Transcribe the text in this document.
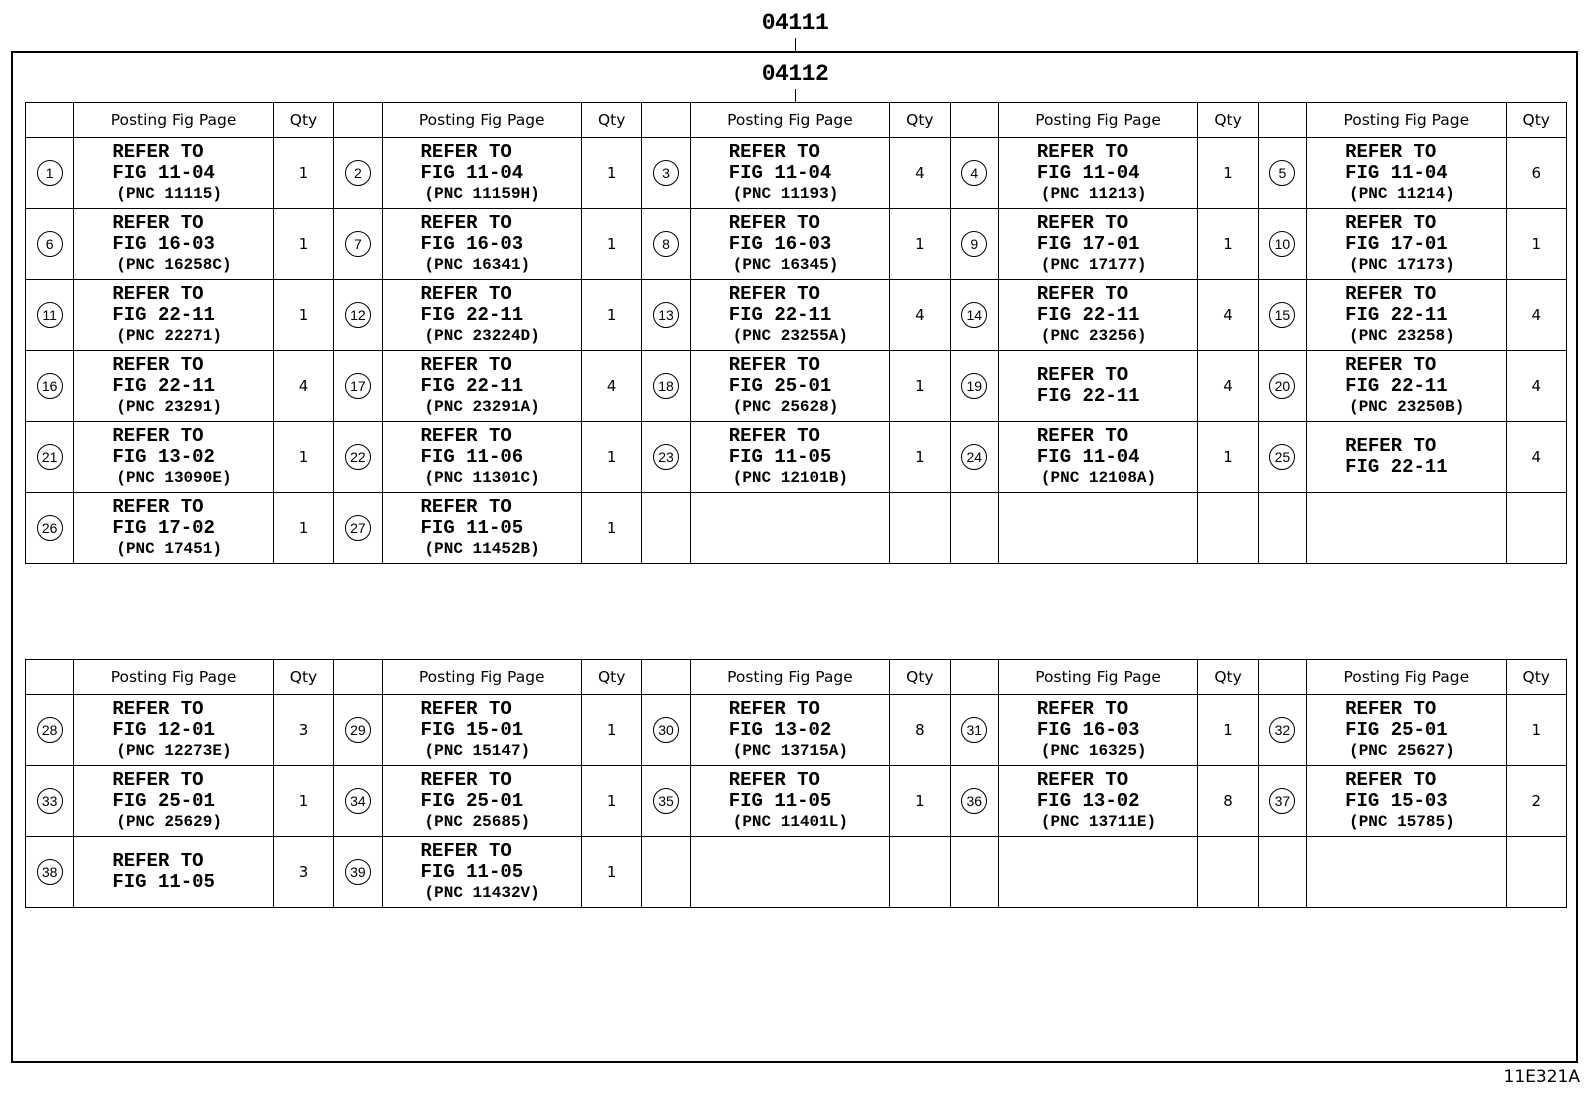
04111
04112
	Posting Fig Page	Qty		Posting Fig Page	Qty		Posting Fig Page	Qty		Posting Fig Page	Qty		Posting Fig Page	Qty
1	REFER TO
FIG 11-04
(PNC 11115)	1	2	REFER TO
FIG 11-04
(PNC 11159H)	1	3	REFER TO
FIG 11-04
(PNC 11193)	4	4	REFER TO
FIG 11-04
(PNC 11213)	1	5	REFER TO
FIG 11-04
(PNC 11214)	6
6	REFER TO
FIG 16-03
(PNC 16258C)	1	7	REFER TO
FIG 16-03
(PNC 16341)	1	8	REFER TO
FIG 16-03
(PNC 16345)	1	9	REFER TO
FIG 17-01
(PNC 17177)	1	10	REFER TO
FIG 17-01
(PNC 17173)	1
11	REFER TO
FIG 22-11
(PNC 22271)	1	12	REFER TO
FIG 22-11
(PNC 23224D)	1	13	REFER TO
FIG 22-11
(PNC 23255A)	4	14	REFER TO
FIG 22-11
(PNC 23256)	4	15	REFER TO
FIG 22-11
(PNC 23258)	4
16	REFER TO
FIG 22-11
(PNC 23291)	4	17	REFER TO
FIG 22-11
(PNC 23291A)	4	18	REFER TO
FIG 25-01
(PNC 25628)	1	19	REFER TO
FIG 22-11	4	20	REFER TO
FIG 22-11
(PNC 23250B)	4
21	REFER TO
FIG 13-02
(PNC 13090E)	1	22	REFER TO
FIG 11-06
(PNC 11301C)	1	23	REFER TO
FIG 11-05
(PNC 12101B)	1	24	REFER TO
FIG 11-04
(PNC 12108A)	1	25	REFER TO
FIG 22-11	4
26	REFER TO
FIG 17-02
(PNC 17451)	1	27	REFER TO
FIG 11-05
(PNC 11452B)	1									
	Posting Fig Page	Qty		Posting Fig Page	Qty		Posting Fig Page	Qty		Posting Fig Page	Qty		Posting Fig Page	Qty
28	REFER TO
FIG 12-01
(PNC 12273E)	3	29	REFER TO
FIG 15-01
(PNC 15147)	1	30	REFER TO
FIG 13-02
(PNC 13715A)	8	31	REFER TO
FIG 16-03
(PNC 16325)	1	32	REFER TO
FIG 25-01
(PNC 25627)	1
33	REFER TO
FIG 25-01
(PNC 25629)	1	34	REFER TO
FIG 25-01
(PNC 25685)	1	35	REFER TO
FIG 11-05
(PNC 11401L)	1	36	REFER TO
FIG 13-02
(PNC 13711E)	8	37	REFER TO
FIG 15-03
(PNC 15785)	2
38	REFER TO
FIG 11-05	3	39	REFER TO
FIG 11-05
(PNC 11432V)	1									
11E321A
